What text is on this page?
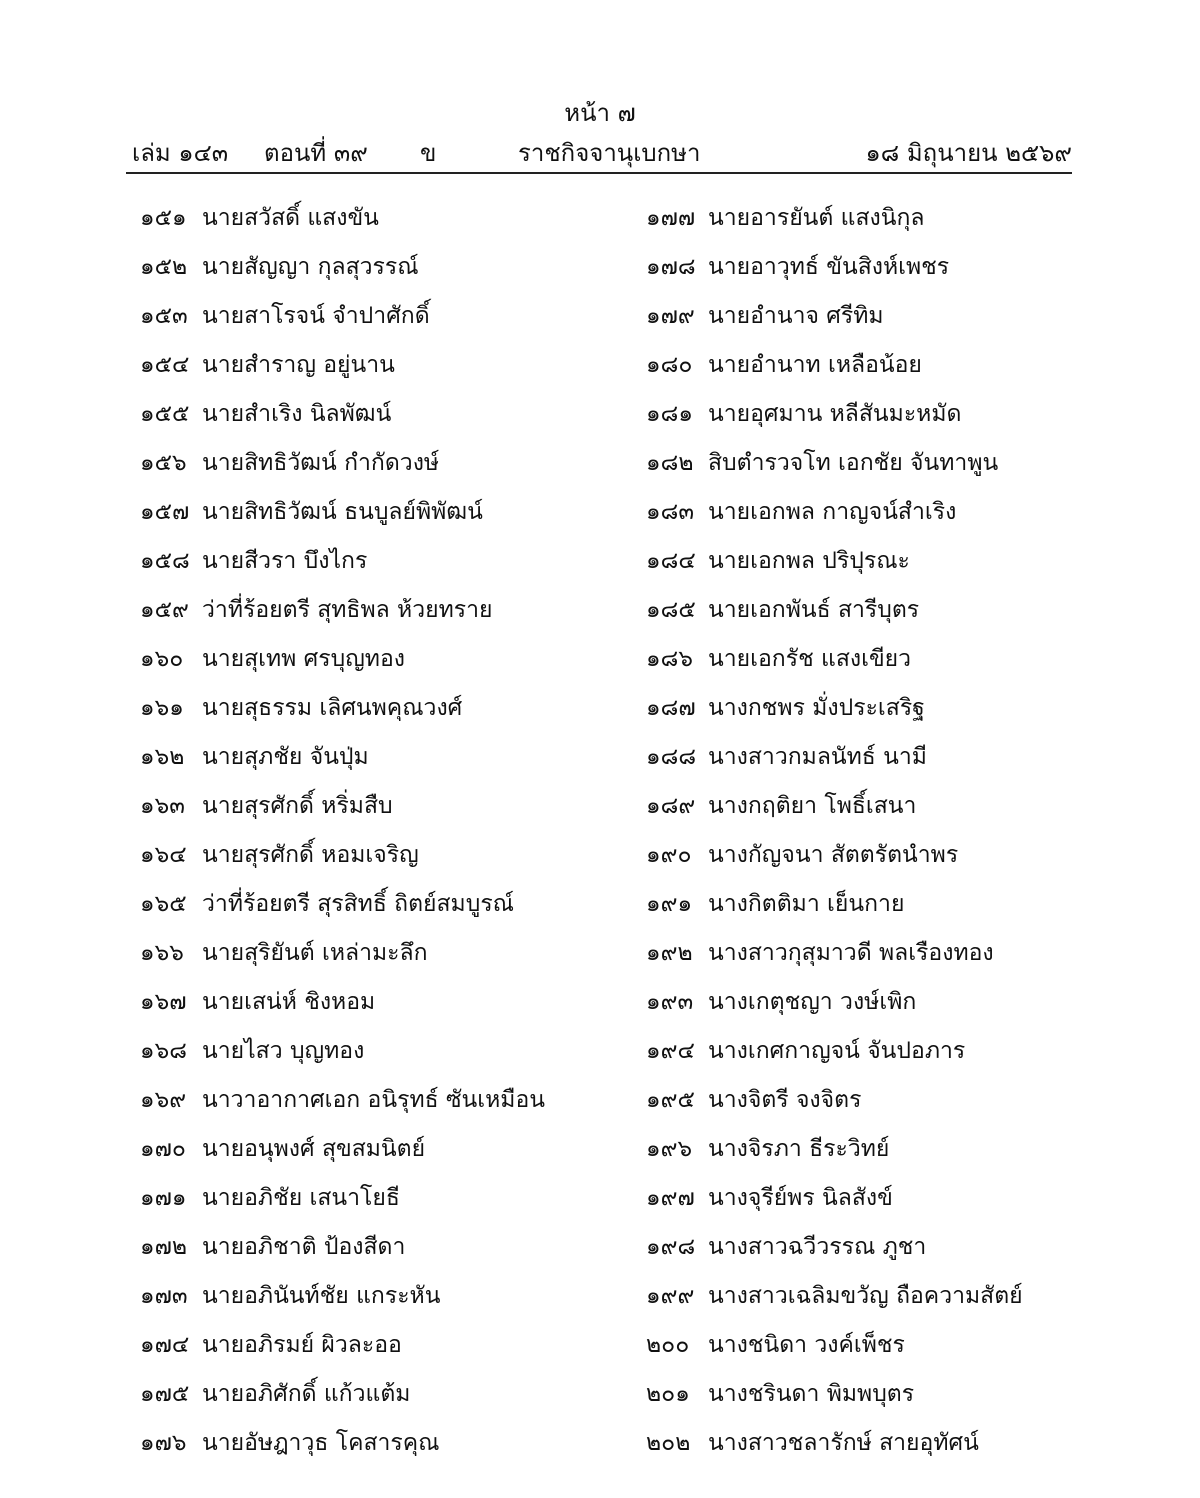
หน้า ๗
เล่ม ๑๔๓ ตอนที่ ๓๙ ข	ราชกิจจานุเบกษา	๑๘ มิถุนายน ๒๕๖๙
๑๕๑ นายสวัสดิ์ แสงขัน
๑๕๒ นายสัญญา กุลสุวรรณ์
๑๕๓ นายสาโรจน์ จำปาศักดิ์
๑๕๔ นายสำราญ อยู่นาน
๑๕๕ นายสำเริง นิลพัฒน์
๑๕๖ นายสิทธิวัฒน์ กำกัดวงษ์
๑๕๗ นายสิทธิวัฒน์ ธนบูลย์พิพัฒน์
๑๕๘ นายสีวรา บึงไกร
๑๕๙ ว่าที่ร้อยตรี สุทธิพล ห้วยทราย
๑๖๐ นายสุเทพ ศรบุญทอง
๑๖๑ นายสุธรรม เลิศนพคุณวงศ์
๑๖๒ นายสุภชัย จันปุ่ม
๑๖๓ นายสุรศักดิ์ หริ่มสืบ
๑๖๔ นายสุรศักดิ์ หอมเจริญ
๑๖๕ ว่าที่ร้อยตรี สุรสิทธิ์ ถิตย์สมบูรณ์
๑๖๖ นายสุริยันต์ เหล่ามะลึก
๑๖๗ นายเสน่ห์ ชิงหอม
๑๖๘ นายไสว บุญทอง
๑๖๙ นาวาอากาศเอก อนิรุทธ์ ซันเหมือน
๑๗๐ นายอนุพงศ์ สุขสมนิตย์
๑๗๑ นายอภิชัย เสนาโยธี
๑๗๒ นายอภิชาติ ป้องสีดา
๑๗๓ นายอภินันท์ชัย แกระหัน
๑๗๔ นายอภิรมย์ ผิวละออ
๑๗๕ นายอภิศักดิ์ แก้วแต้ม
๑๗๖ นายอัษฎาวุธ โคสารคุณ
๑๗๗ นายอารยันต์ แสงนิกุล
๑๗๘ นายอาวุทธ์ ขันสิงห์เพชร
๑๗๙ นายอำนาจ ศรีทิม
๑๘๐ นายอำนาท เหลือน้อย
๑๘๑ นายอุศมาน หลีสันมะหมัด
๑๘๒ สิบตำรวจโท เอกชัย จันทาพูน
๑๘๓ นายเอกพล กาญจน์สำเริง
๑๘๔ นายเอกพล ปริปุรณะ
๑๘๕ นายเอกพันธ์ สารีบุตร
๑๘๖ นายเอกรัช แสงเขียว
๑๘๗ นางกชพร มั่งประเสริฐ
๑๘๘ นางสาวกมลนัทธ์ นามี
๑๘๙ นางกฤติยา โพธิ์เสนา
๑๙๐ นางกัญจนา สัตตรัตนำพร
๑๙๑ นางกิตติมา เย็นกาย
๑๙๒ นางสาวกุสุมาวดี พลเรืองทอง
๑๙๓ นางเกตุชญา วงษ์เพิก
๑๙๔ นางเกศกาญจน์ จันปอภาร
๑๙๕ นางจิตรี จงจิตร
๑๙๖ นางจิรภา ธีระวิทย์
๑๙๗ นางจุรีย์พร นิลสังข์
๑๙๘ นางสาวฉวีวรรณ ภูชา
๑๙๙ นางสาวเฉลิมขวัญ ถือความสัตย์
๒๐๐ นางชนิดา วงค์เพ็ชร
๒๐๑ นางชรินดา พิมพบุตร
๒๐๒ นางสาวชลารักษ์ สายอุทัศน์
